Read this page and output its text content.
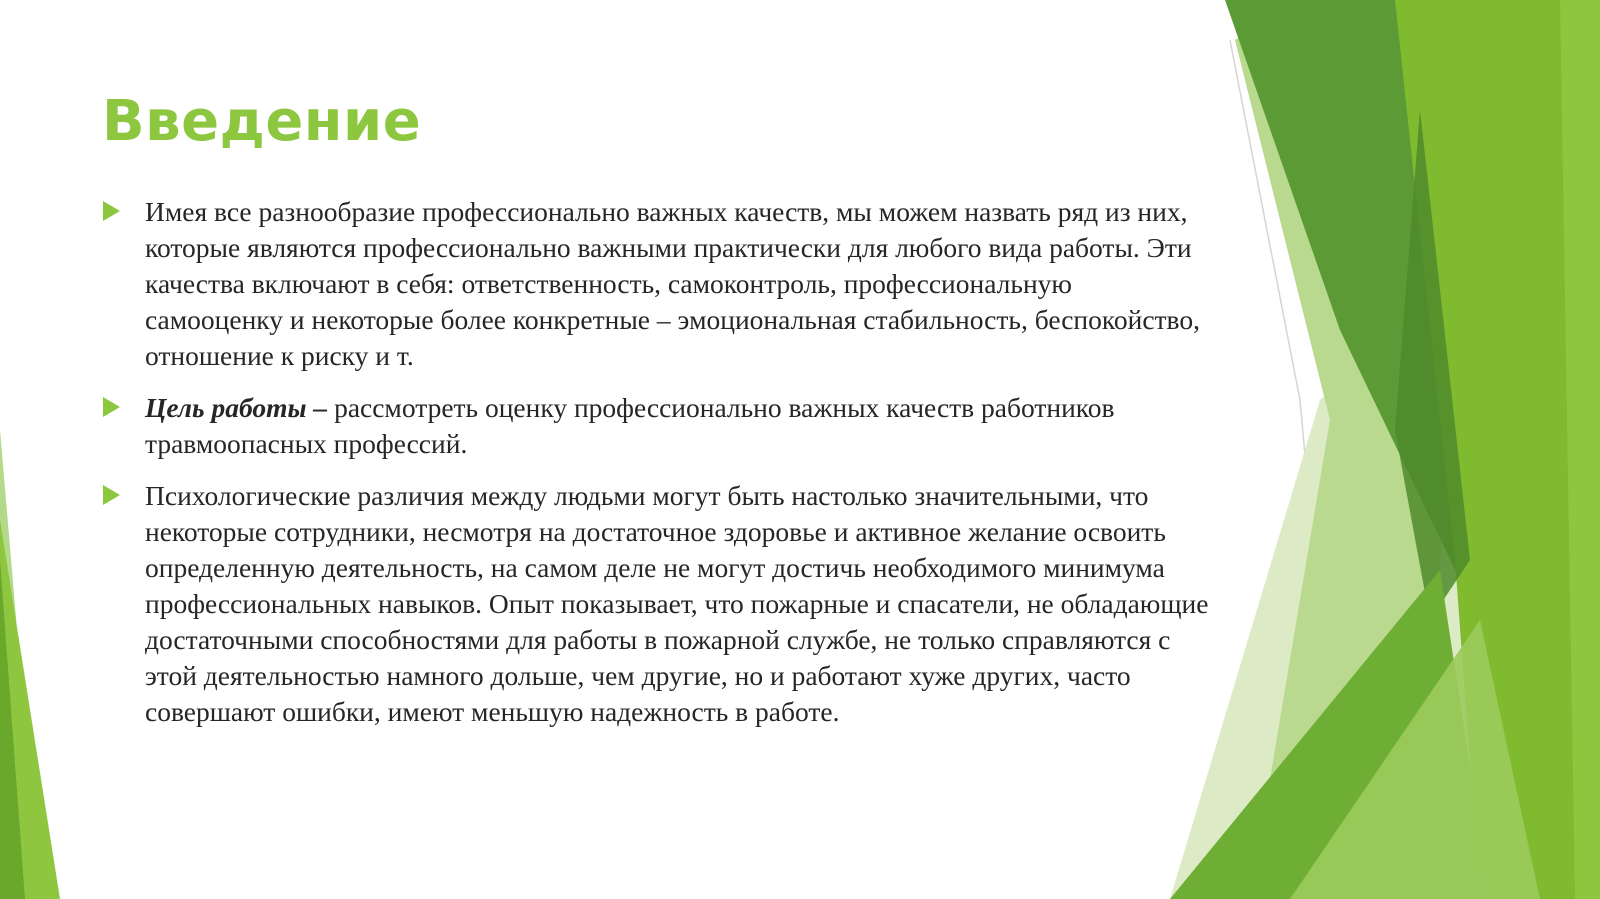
Введение
Имея все разнообразие профессионально важных качеств, мы можем назвать ряд из них, которые являются профессионально важными практически для любого вида работы. Эти качества включают в себя: ответственность, самоконтроль, профессиональную самооценку и некоторые более конкретные – эмоциональная стабильность, беспокойство, отношение к риску и т.
Цель работы – рассмотреть оценку профессионально важных качеств работников травмоопасных профессий.
Психологические различия между людьми могут быть настолько значительными, что некоторые сотрудники, несмотря на достаточное здоровье и активное желание освоить определенную деятельность, на самом деле не могут достичь необходимого минимума профессиональных навыков. Опыт показывает, что пожарные и спасатели, не обладающие достаточными способностями для работы в пожарной службе, не только справляются с этой деятельностью намного дольше, чем другие, но и работают хуже других, часто совершают ошибки, имеют меньшую надежность в работе.
